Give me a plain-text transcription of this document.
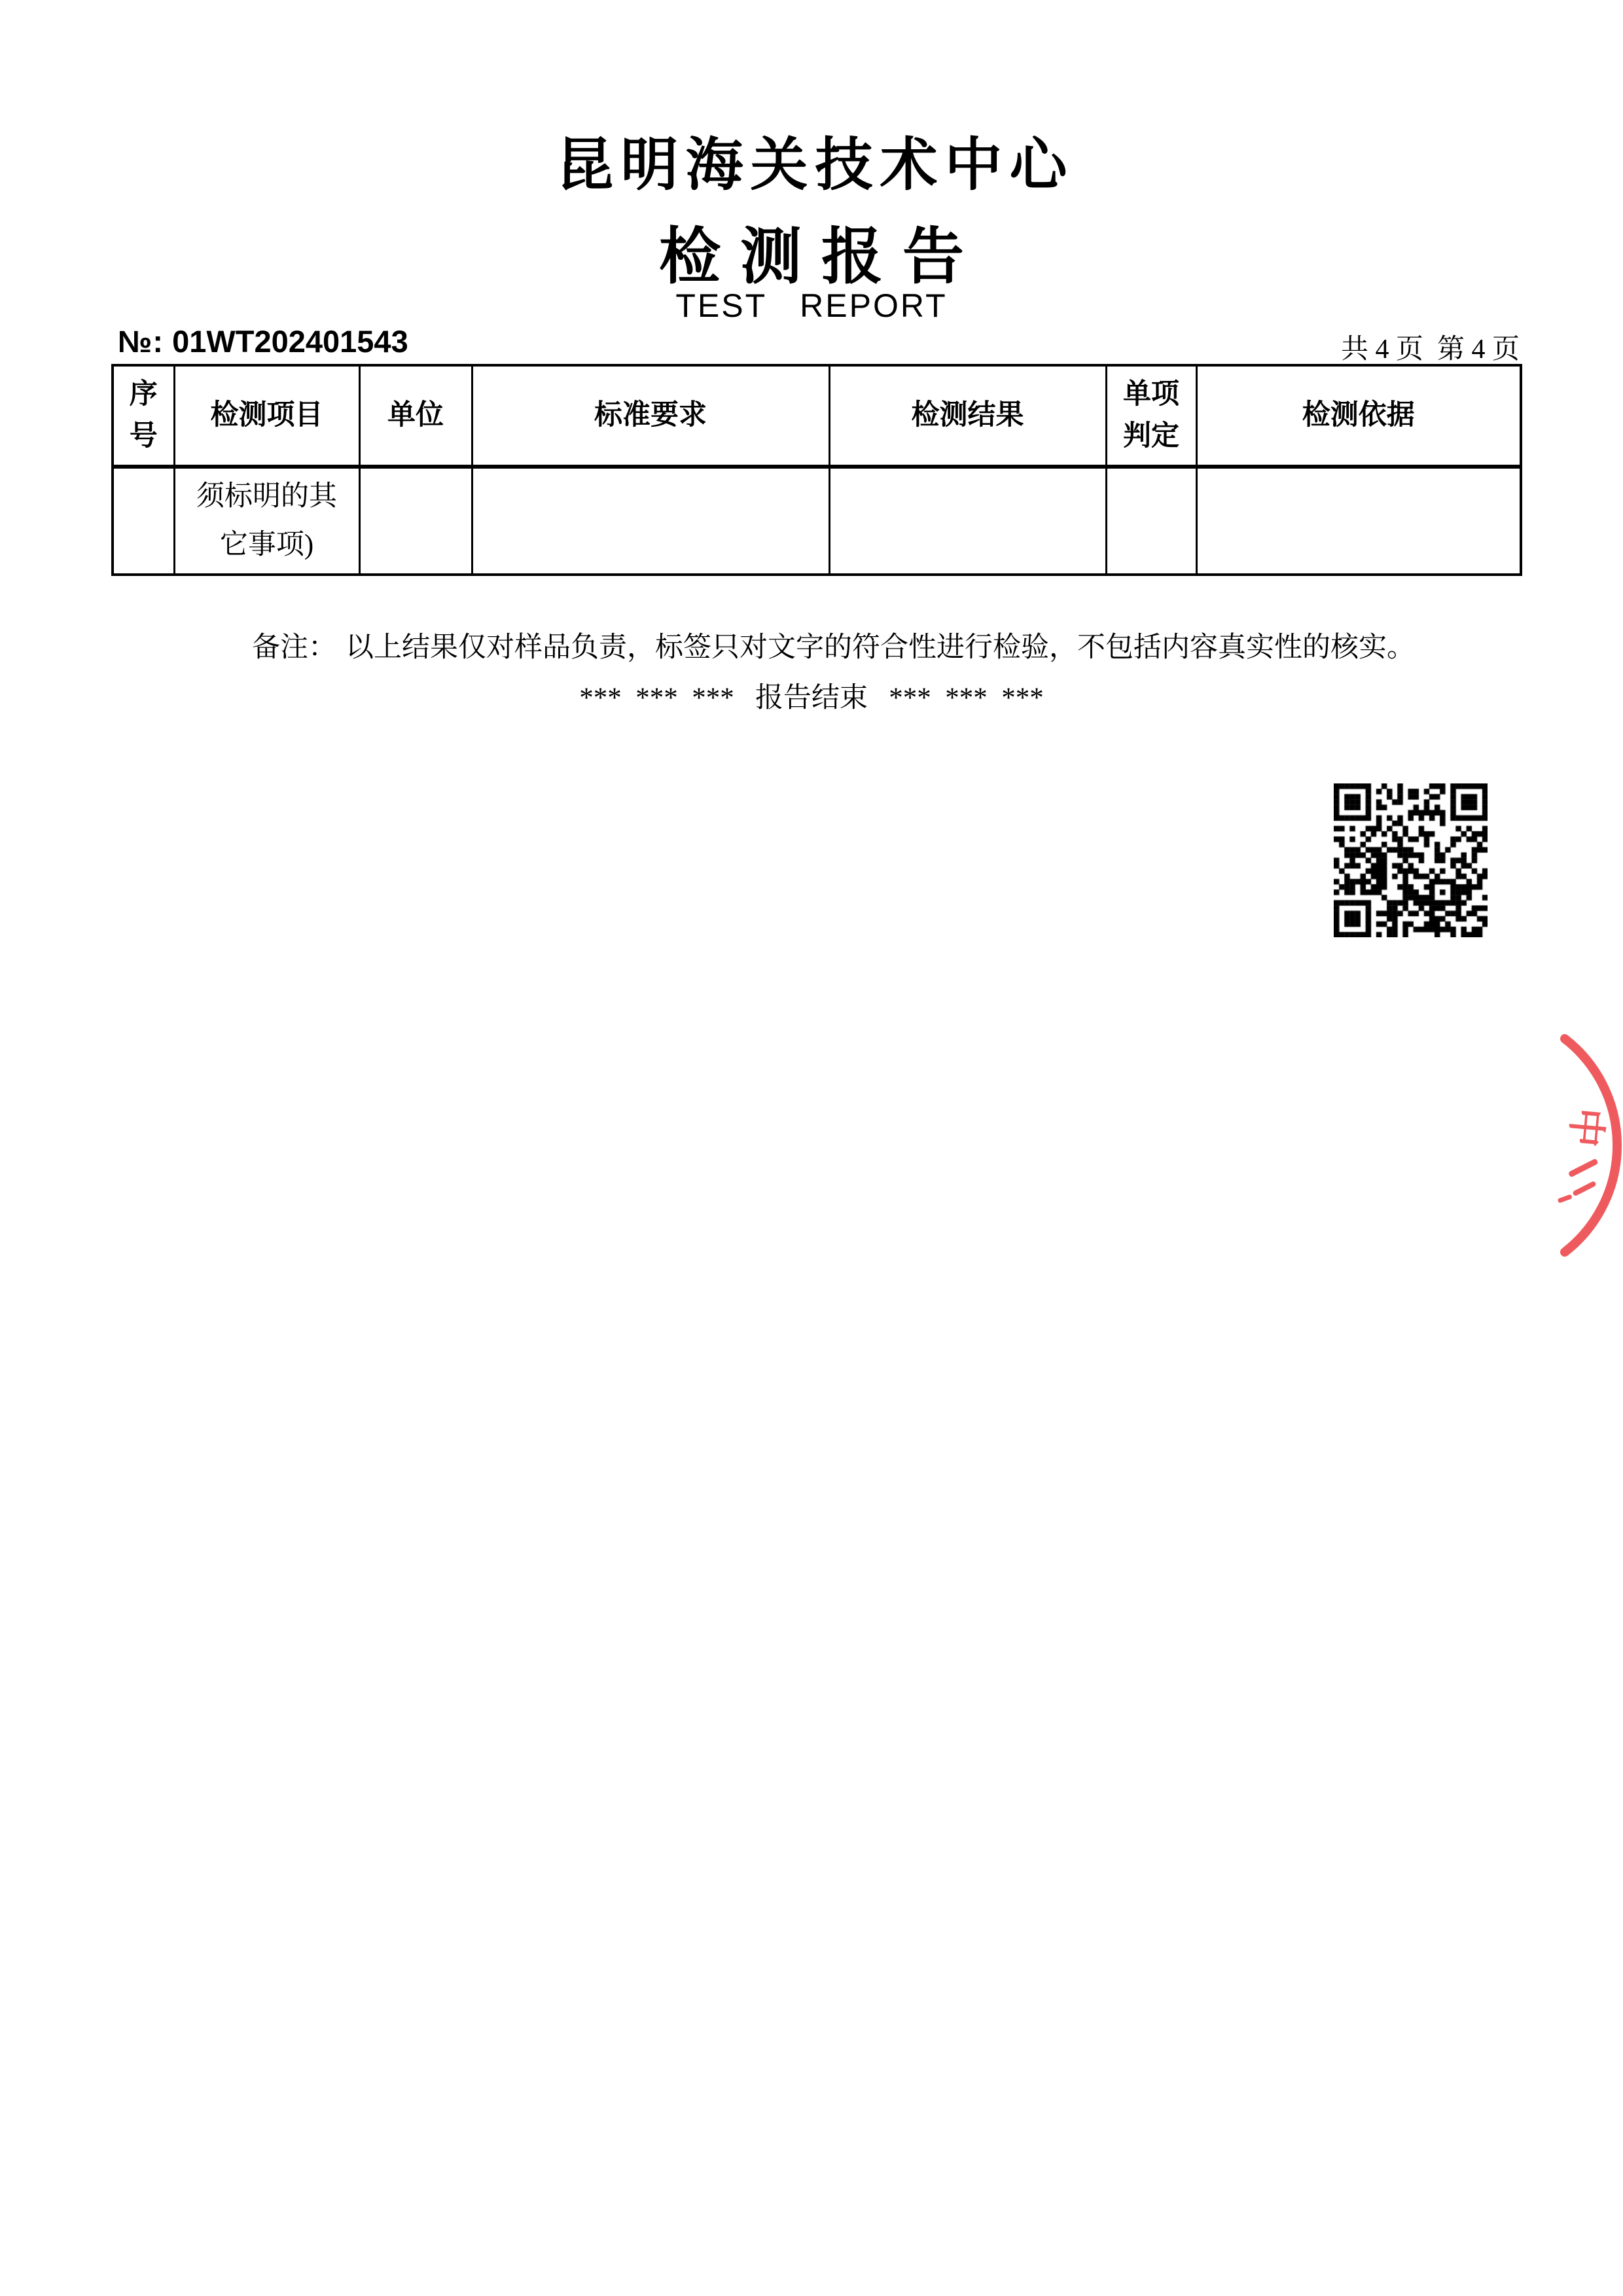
昆明海关技术中心
检测报告
TEST REPORT
№: 01WT202401543	共 4 页  第 4 页
序号	检测项目	单位	标准要求	检测结果	单项判定	检测依据
	须标明的其它事项)					
备注： 以上结果仅对样品负责，标签只对文字的符合性进行检验，不包括内容真实性的核实。
***  ***  ***   报告结束   ***  ***  ***
中
